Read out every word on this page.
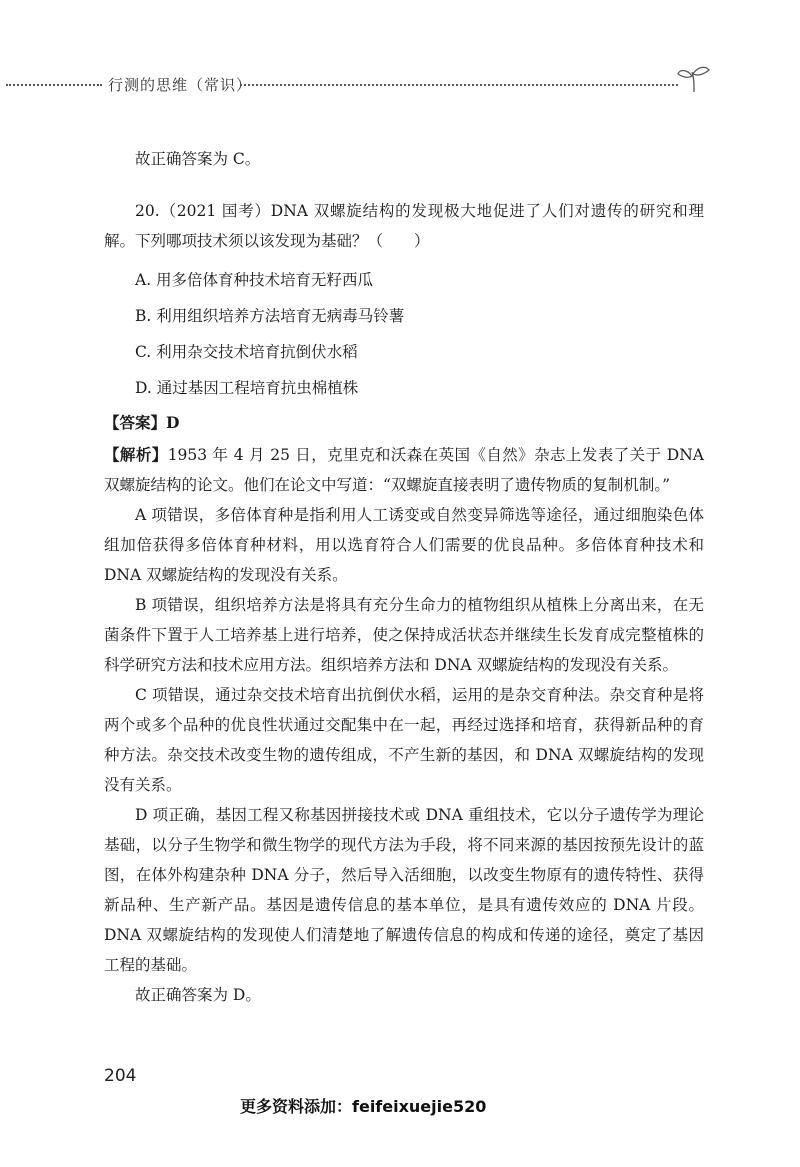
行测的思维（常识）

故正确答案为 C。

20.（2021 国考）DNA 双螺旋结构的发现极大地促进了人们对遗传的研究和理解。下列哪项技术须以该发现为基础？（　　）

A. 用多倍体育种技术培育无籽西瓜

B. 利用组织培养方法培育无病毒马铃薯

C. 利用杂交技术培育抗倒伏水稻

D. 通过基因工程培育抗虫棉植株

【答案】D

【解析】1953 年 4 月 25 日，克里克和沃森在英国《自然》杂志上发表了关于 DNA 双螺旋结构的论文。他们在论文中写道：“双螺旋直接表明了遗传物质的复制机制。”

A 项错误，多倍体育种是指利用人工诱变或自然变异筛选等途径，通过细胞染色体组加倍获得多倍体育种材料，用以选育符合人们需要的优良品种。多倍体育种技术和 DNA 双螺旋结构的发现没有关系。

B 项错误，组织培养方法是将具有充分生命力的植物组织从植株上分离出来，在无菌条件下置于人工培养基上进行培养，使之保持成活状态并继续生长发育成完整植株的科学研究方法和技术应用方法。组织培养方法和 DNA 双螺旋结构的发现没有关系。

C 项错误，通过杂交技术培育出抗倒伏水稻，运用的是杂交育种法。杂交育种是将两个或多个品种的优良性状通过交配集中在一起，再经过选择和培育，获得新品种的育种方法。杂交技术改变生物的遗传组成，不产生新的基因，和 DNA 双螺旋结构的发现没有关系。

D 项正确，基因工程又称基因拼接技术或 DNA 重组技术，它以分子遗传学为理论基础，以分子生物学和微生物学的现代方法为手段，将不同来源的基因按预先设计的蓝图，在体外构建杂种 DNA 分子，然后导入活细胞，以改变生物原有的遗传特性、获得新品种、生产新产品。基因是遗传信息的基本单位，是具有遗传效应的 DNA 片段。DNA 双螺旋结构的发现使人们清楚地了解遗传信息的构成和传递的途径，奠定了基因工程的基础。

故正确答案为 D。

204
更多资料添加：feifeixuejie520
